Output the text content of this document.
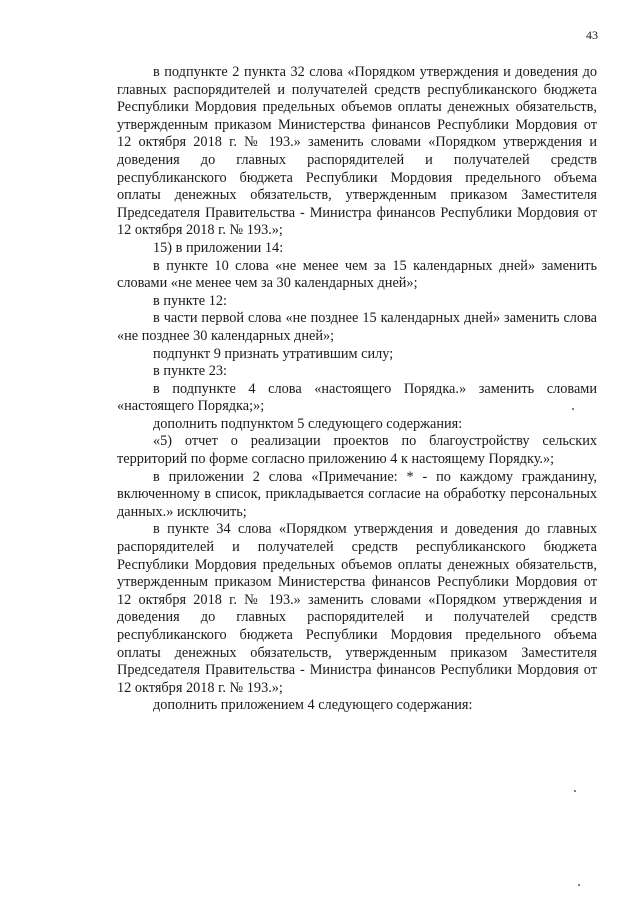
43

в подпункте 2 пункта 32 слова «Порядком утверждения и доведения до главных распорядителей и получателей средств республиканского бюджета Республики Мордовия предельных объемов оплаты денежных обязательств, утвержденным приказом Министерства финансов Республики Мордовия от 12 октября 2018 г. № 193.» заменить словами «Порядком утверждения и доведения до главных распорядителей и получателей средств республиканского бюджета Республики Мордовия предельного объема оплаты денежных обязательств, утвержденным приказом Заместителя Председателя Правительства - Министра финансов Республики Мордовия от 12 октября 2018 г. № 193.»;

15) в приложении 14:

в пункте 10 слова «не менее чем за 15 календарных дней» заменить словами «не менее чем за 30 календарных дней»;

в пункте 12:

в части первой слова «не позднее 15 календарных дней» заменить слова «не позднее 30 календарных дней»;

подпункт 9 признать утратившим силу;

в пункте 23:

в подпункте 4 слова «настоящего Порядка.» заменить словами «настоящего Порядка;»;

дополнить подпунктом 5 следующего содержания:

«5) отчет о реализации проектов по благоустройству сельских территорий по форме согласно приложению 4 к настоящему Порядку.»;

в приложении 2 слова «Примечание: * - по каждому гражданину, включенному в список, прикладывается согласие на обработку персональных данных.» исключить;

в пункте 34 слова «Порядком утверждения и доведения до главных распорядителей и получателей средств республиканского бюджета Республики Мордовия предельных объемов оплаты денежных обязательств, утвержденным приказом Министерства финансов Республики Мордовия от 12 октября 2018 г. № 193.» заменить словами «Порядком утверждения и доведения до главных распорядителей и получателей средств республиканского бюджета Республики Мордовия предельного объема оплаты денежных обязательств, утвержденным приказом Заместителя Председателя Правительства - Министра финансов Республики Мордовия от 12 октября 2018 г. № 193.»;

дополнить приложением 4 следующего содержания:
